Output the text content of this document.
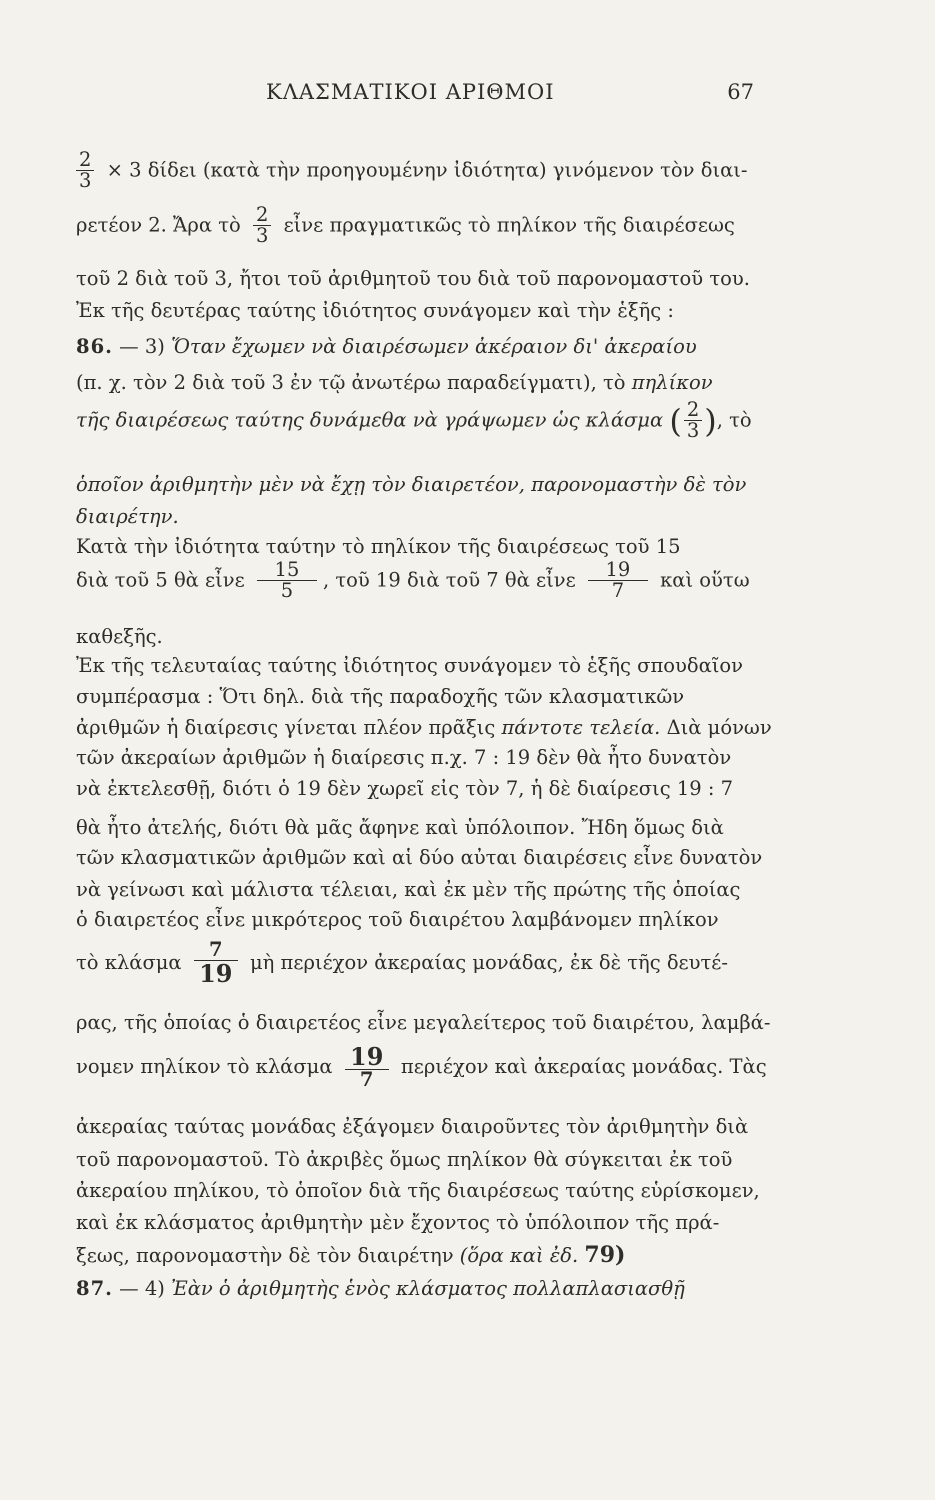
ΚΛΑΣΜΑΤΙΚΟΙ ΑΡΙΘΜΟΙ	67
$\frac{2}{3} \times 3$ δίδει (κατὰ τὴν προηγουμένην ἰδιότητα) γινόμενον τὸν διαι-
ρετέον 2. Ἄρα τὸ $\frac{2}{3}$ εἶνε πραγματικῶς τὸ πηλίκον τῆς διαιρέσεως
τοῦ 2 διὰ τοῦ 3, ἤτοι τοῦ ἀριθμητοῦ του διὰ τοῦ παρονομαστοῦ του.
Ἐκ τῆς δευτέρας ταύτης ἰδιότητος συνάγομεν καὶ τὴν ἑξῆς :
86. — 3) Ὅταν ἔχωμεν νὰ διαιρέσωμεν ἀκέραιον δι' ἀκεραίου
(π. χ. τὸν 2 διὰ τοῦ 3 ἐν τῷ ἀνωτέρω παραδείγματι), τὸ πηλίκον
τῆς διαιρέσεως ταύτης δυνάμεθα νὰ γράψωμεν ὡς κλάσμα ( $\frac{2}{3}$ ), τὸ
ὁποῖον ἀριθμητὴν μὲν νὰ ἔχῃ τὸν διαιρετέον, παρονομαστὴν δὲ τὸν
διαιρέτην.
Κατὰ τὴν ἰδιότητα ταύτην τὸ πηλίκον τῆς διαιρέσεως τοῦ 15
διὰ τοῦ 5 θὰ εἶνε $\frac{15}{5}$ , τοῦ 19 διὰ τοῦ 7 θὰ εἶνε $\frac{19}{7}$ καὶ οὕτω
καθεξῆς.
Ἐκ τῆς τελευταίας ταύτης ἰδιότητος συνάγομεν τὸ ἑξῆς σπουδαῖον
συμπέρασμα : Ὅτι δηλ. διὰ τῆς παραδοχῆς τῶν κλασματικῶν
ἀριθμῶν ἡ διαίρεσις γίνεται πλέον πρᾶξις πάντοτε τελεία. Διὰ μόνων
τῶν ἀκεραίων ἀριθμῶν ἡ διαίρεσις π.χ. 7 : 19 δὲν θὰ ἦτο δυνατὸν
νὰ ἐκτελεσθῇ, διότι ὁ 19 δὲν χωρεῖ εἰς τὸν 7, ἡ δὲ διαίρεσις 19 : 7
θὰ ἦτο ἀτελής, διότι θὰ μᾶς ἄφηνε καὶ ὑπόλοιπον. Ἤδη ὅμως διὰ
τῶν κλασματικῶν ἀριθμῶν καὶ αἱ δύο αὐται διαιρέσεις εἶνε δυνατὸν
νὰ γείνωσι καὶ μάλιστα τέλειαι, καὶ ἐκ μὲν τῆς πρώτης τῆς ὁποίας
ὁ διαιρετέος εἶνε μικρότερος τοῦ διαιρέτου λαμβάνομεν πηλίκον
τὸ κλάσμα $\frac{7}{19}$ μὴ περιέχον ἀκεραίας μονάδας, ἐκ δὲ τῆς δευτέ-
ρας, τῆς ὁποίας ὁ διαιρετέος εἶνε μεγαλείτερος τοῦ διαιρέτου, λαμβά-
νομεν πηλίκον τὸ κλάσμα $\frac{19}{7}$ περιέχον καὶ ἀκεραίας μονάδας. Τὰς
ἀκεραίας ταύτας μονάδας ἐξάγομεν διαιροῦντες τὸν ἀριθμητὴν διὰ
τοῦ παρονομαστοῦ. Τὸ ἀκριβὲς ὅμως πηλίκον θὰ σύγκειται ἐκ τοῦ
ἀκεραίου πηλίκου, τὸ ὁποῖον διὰ τῆς διαιρέσεως ταύτης εὑρίσκομεν,
καὶ ἐκ κλάσματος ἀριθμητὴν μὲν ἔχοντος τὸ ὑπόλοιπον τῆς πρά-
ξεως, παρονομαστὴν δὲ τὸν διαιρέτην (ὅρα καὶ ἐδ. 79)
87. — 4) Ἐὰν ὁ ἀριθμητὴς ἑνὸς κλάσματος πολλαπλασιασθῇ
